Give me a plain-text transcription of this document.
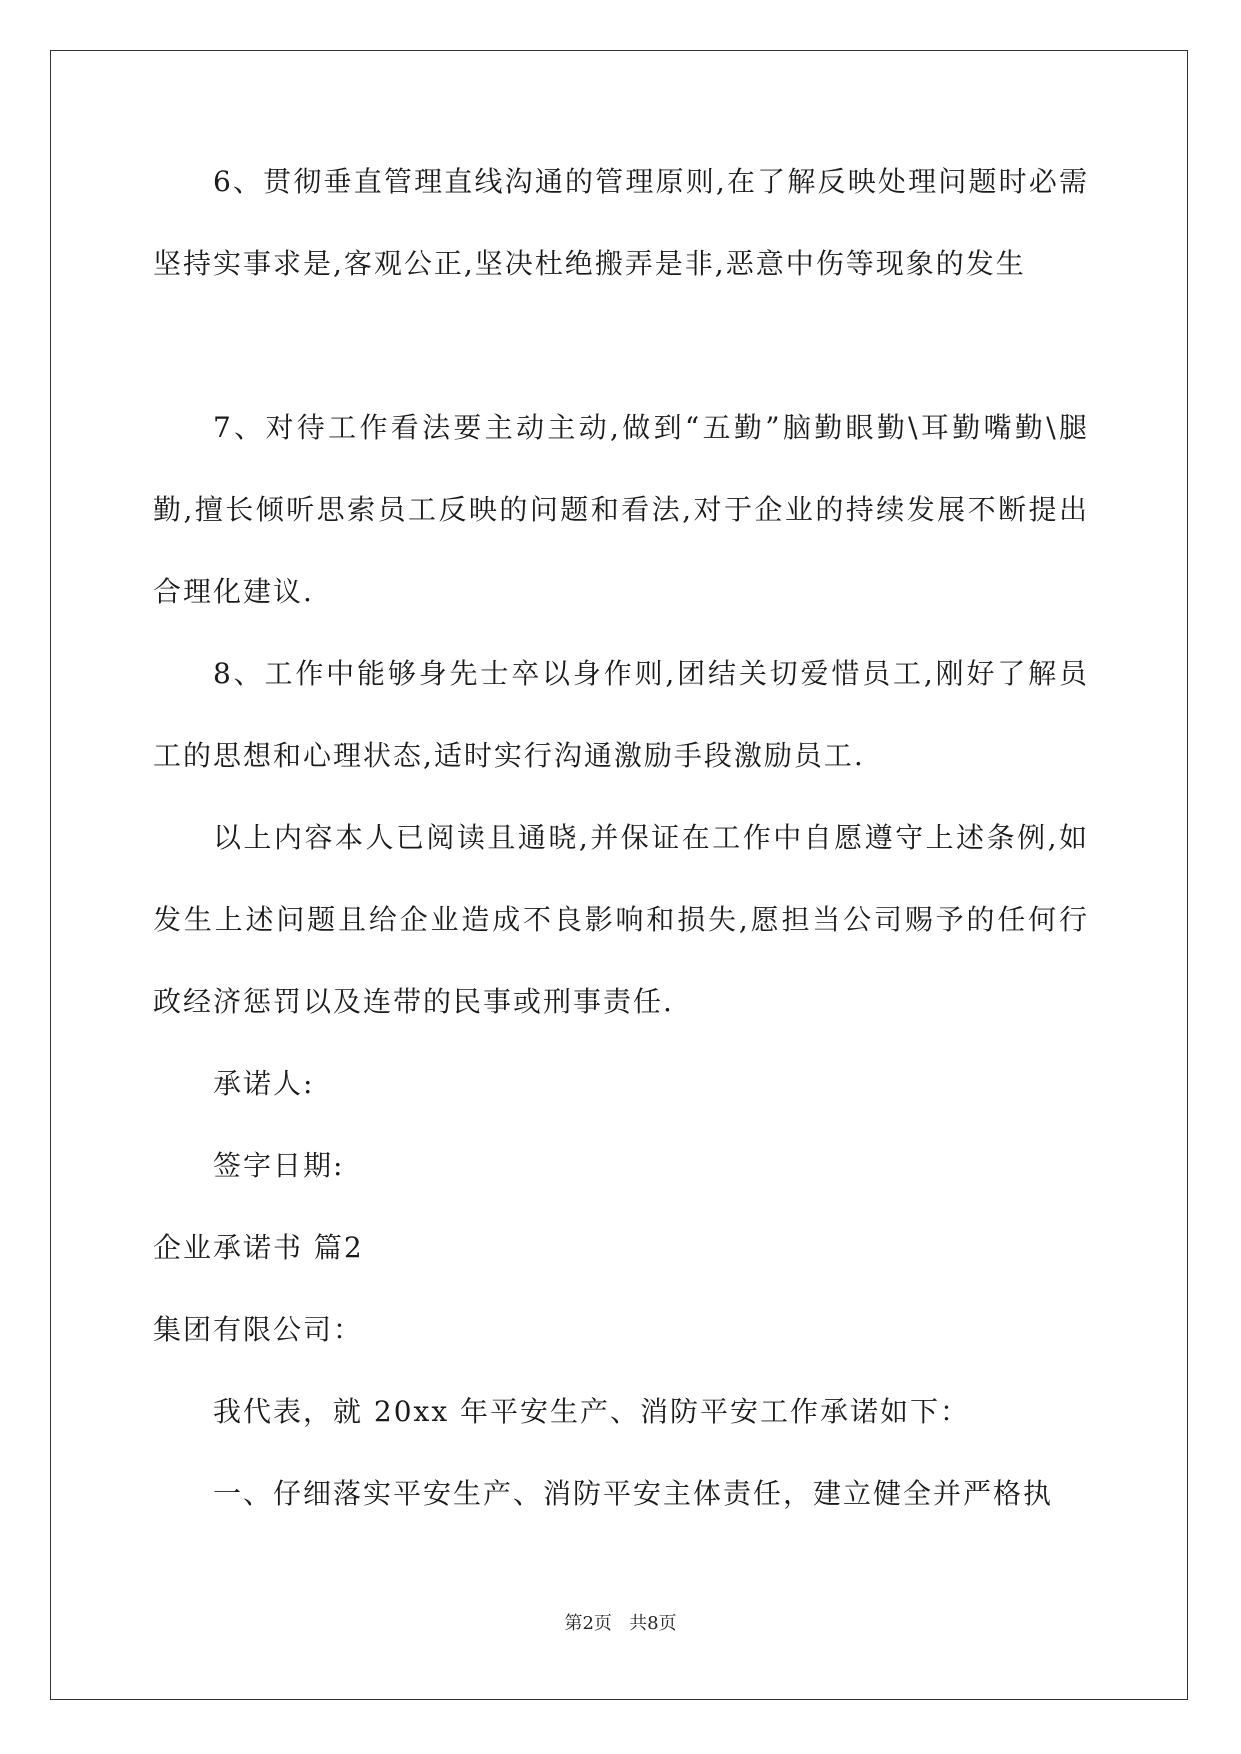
6、贯彻垂直管理直线沟通的管理原则,在了解反映处理问题时必需坚持实事求是,客观公正,坚决杜绝搬弄是非,恶意中伤等现象的发生

7、对待工作看法要主动主动,做到“五勤”脑勤眼勤\耳勤嘴勤\腿勤,擅长倾听思索员工反映的问题和看法,对于企业的持续发展不断提出合理化建议.

8、工作中能够身先士卒以身作则,团结关切爱惜员工,刚好了解员工的思想和心理状态,适时实行沟通激励手段激励员工.

以上内容本人已阅读且通晓,并保证在工作中自愿遵守上述条例,如发生上述问题且给企业造成不良影响和损失,愿担当公司赐予的任何行政经济惩罚以及连带的民事或刑事责任.

承诺人:

签字日期:

企业承诺书 篇2

集团有限公司：

我代表，就 20xx 年平安生产、消防平安工作承诺如下：

一、仔细落实平安生产、消防平安主体责任，建立健全并严格执

第2页   共8页
